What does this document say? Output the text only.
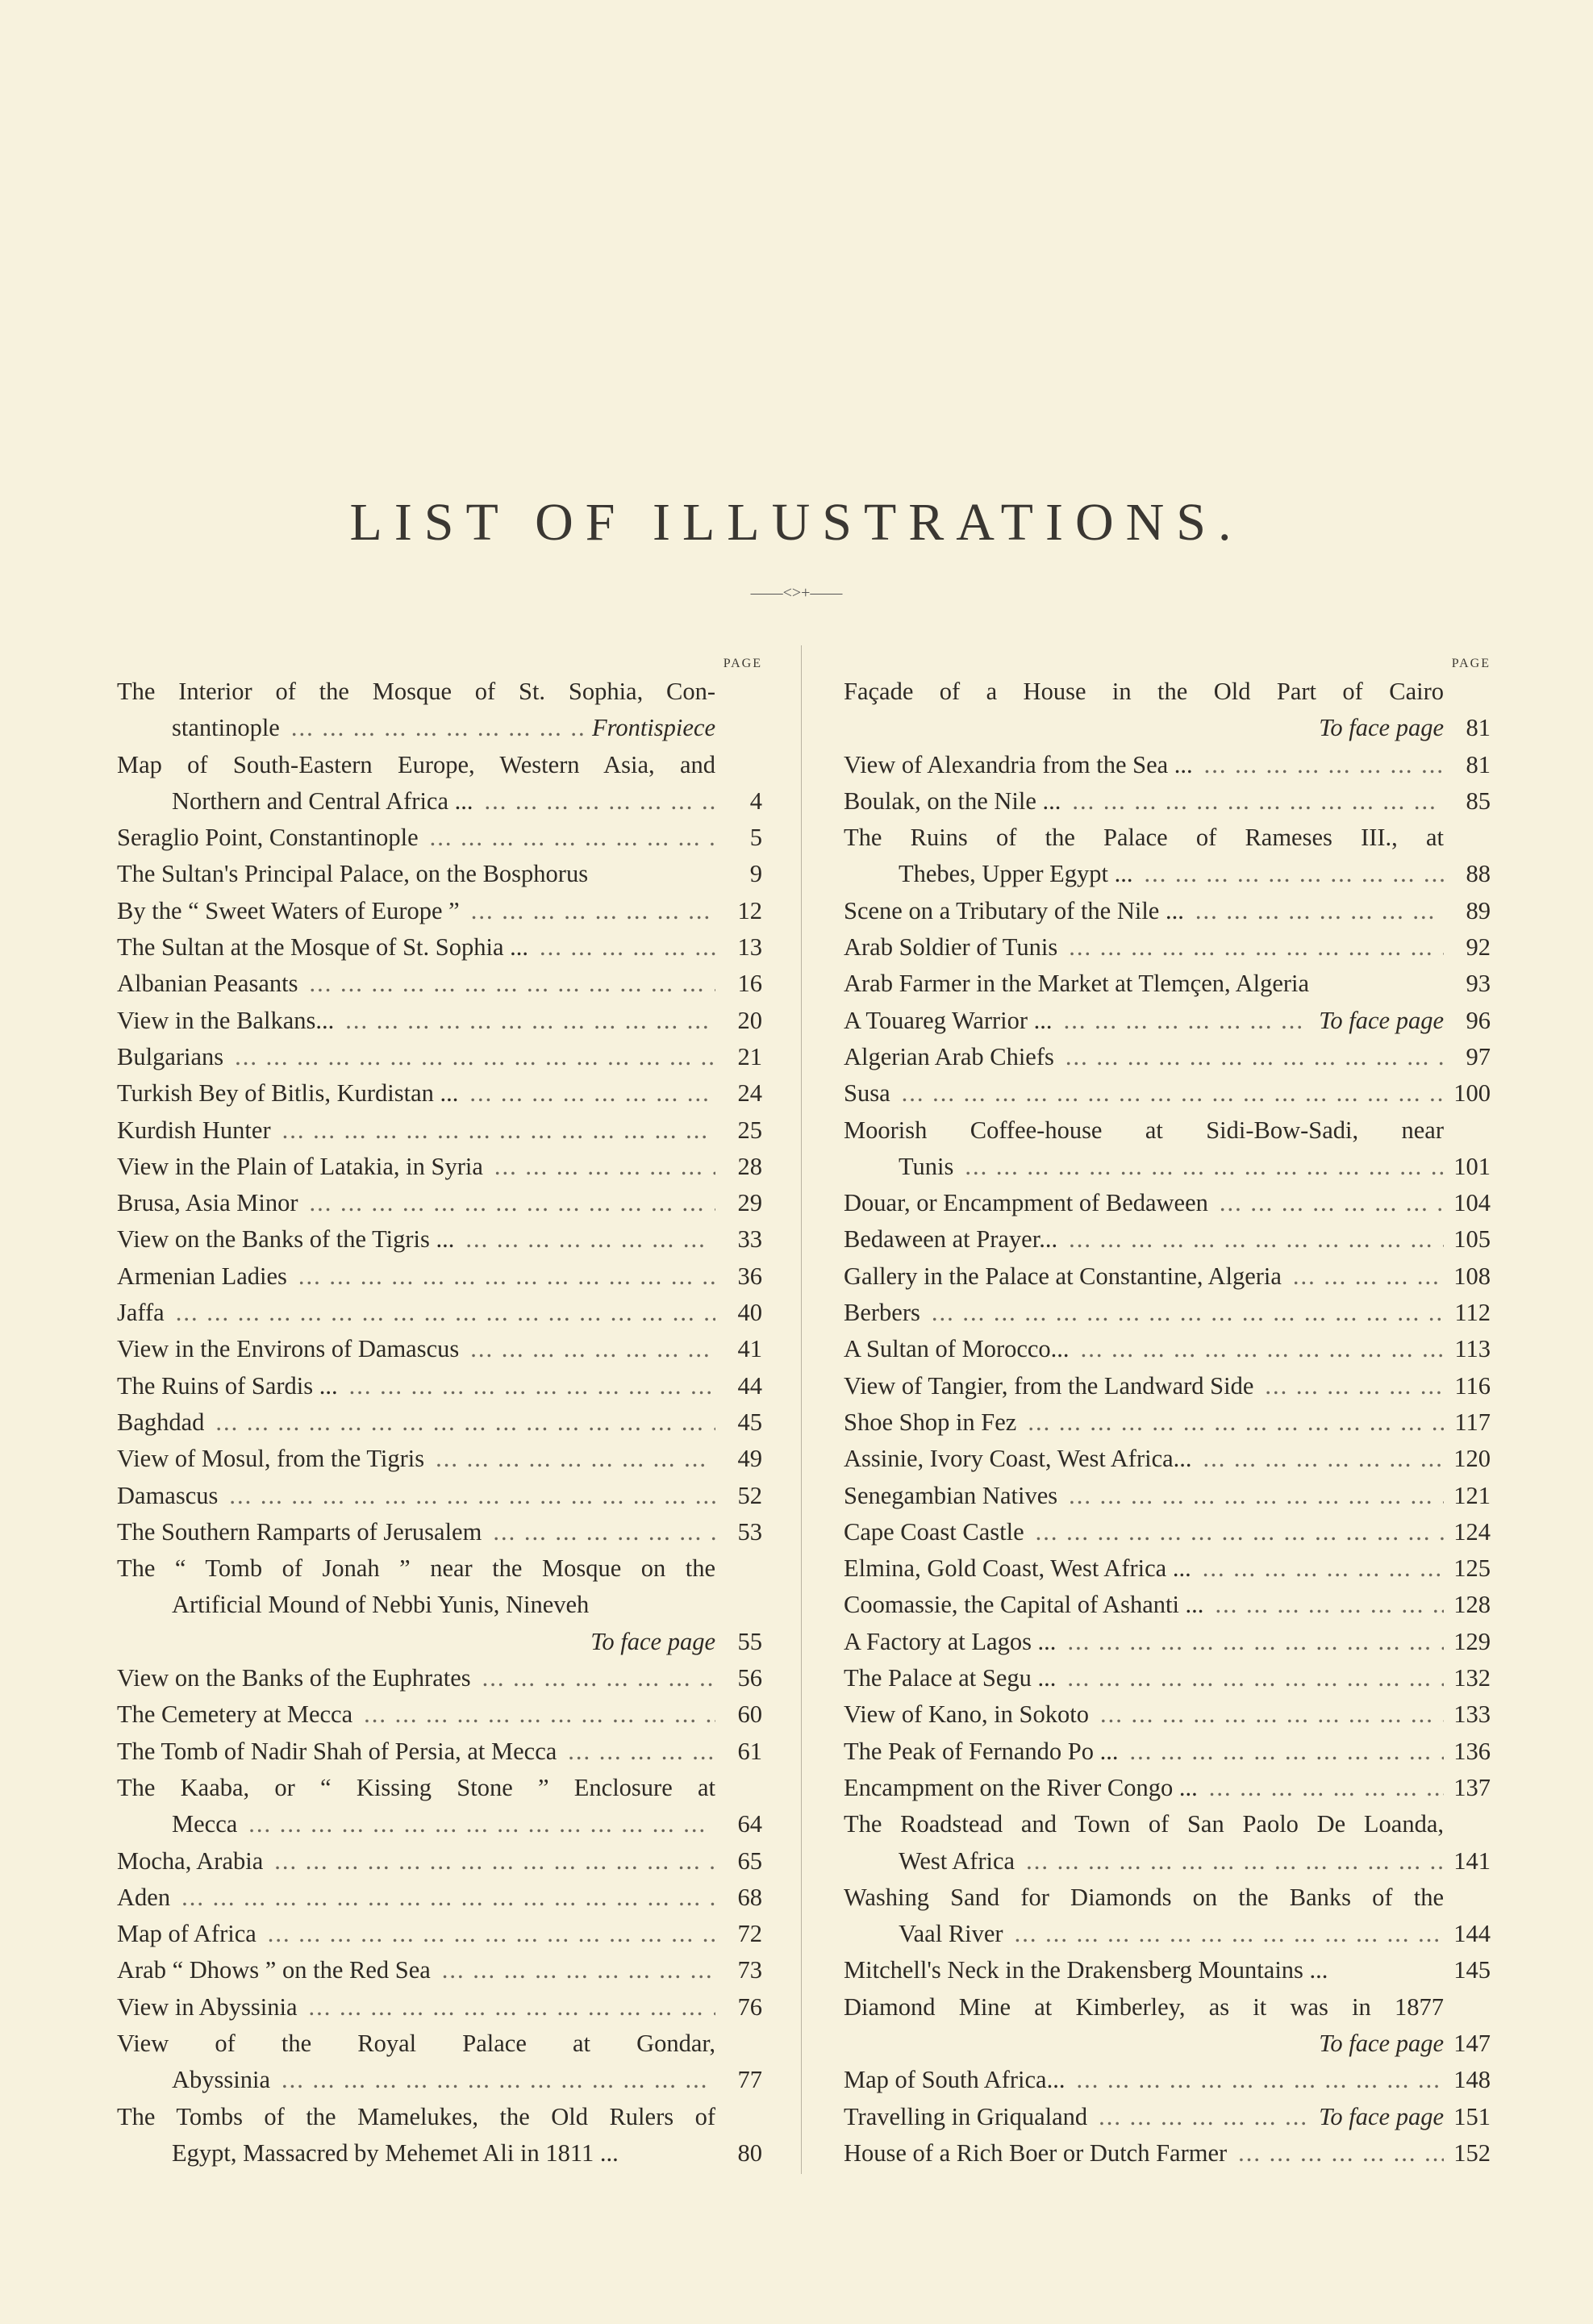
LIST OF ILLUSTRATIONS.
——<>+——
PAGE
The Interior of the Mosque of St. Sophia, Con-
stantinople ... .	Frontispiece
Map of South-Eastern Europe, Western Asia, and
Northern and Central Africa ... ... .	4
Seraglio Point, Constantinople ... .	5
The Sultan's Principal Palace, on the Bosphorus	9
By the “ Sweet Waters of Europe ” ... .	12
The Sultan at the Mosque of St. Sophia ... ... .	13
Albanian Peasants ... .	16
View in the Balkans... ... .	20
Bulgarians ... .	21
Turkish Bey of Bitlis, Kurdistan ... ... .	24
Kurdish Hunter ... .	25
View in the Plain of Latakia, in Syria ... .	28
Brusa, Asia Minor ... .	29
View on the Banks of the Tigris ... ... .	33
Armenian Ladies ... .	36
Jaffa ... .	40
View in the Environs of Damascus ... .	41
The Ruins of Sardis ... ... .	44
Baghdad ... .	45
View of Mosul, from the Tigris ... .	49
Damascus ... .	52
The Southern Ramparts of Jerusalem ... .	53
The “ Tomb of Jonah ” near the Mosque on the
Artificial Mound of Nebbi Yunis, Nineveh
To face page 55
View on the Banks of the Euphrates ... .	56
The Cemetery at Mecca ... .	60
The Tomb of Nadir Shah of Persia, at Mecca ... .	61
The Kaaba, or “ Kissing Stone ” Enclosure at
Mecca ... .	64
Mocha, Arabia ... .	65
Aden ... .	68
Map of Africa ... .	72
Arab “ Dhows ” on the Red Sea ... .	73
View in Abyssinia ... .	76
View of the Royal Palace at Gondar,
Abyssinia ... .	77
The Tombs of the Mamelukes, the Old Rulers of
Egypt, Massacred by Mehemet Ali in 1811 ...	80
PAGE
Façade of a House in the Old Part of Cairo
To face page 81
View of Alexandria from the Sea ... ... .	81
Boulak, on the Nile ... ... .	85
The Ruins of the Palace of Rameses III., at
Thebes, Upper Egypt ... ... .	88
Scene on a Tributary of the Nile ... ... .	89
Arab Soldier of Tunis ... .	92
Arab Farmer in the Market at Tlemçen, Algeria	93
A Touareg Warrior ... ... .	To face page 96
Algerian Arab Chiefs ... .	97
Susa ... .	100
Moorish Coffee-house at Sidi-Bow-Sadi, near
Tunis ... .	101
Douar, or Encampment of Bedaween ... .	104
Bedaween at Prayer... ... .	105
Gallery in the Palace at Constantine, Algeria ... .	108
Berbers ... .	112
A Sultan of Morocco... ... .	113
View of Tangier, from the Landward Side ... .	116
Shoe Shop in Fez ... .	117
Assinie, Ivory Coast, West Africa... ... .	120
Senegambian Natives ... .	121
Cape Coast Castle ... .	124
Elmina, Gold Coast, West Africa ... ... .	125
Coomassie, the Capital of Ashanti ... ... .	128
A Factory at Lagos ... ... .	129
The Palace at Segu ... ... .	132
View of Kano, in Sokoto ... .	133
The Peak of Fernando Po ... ... .	136
Encampment on the River Congo ... ... .	137
The Roadstead and Town of San Paolo De Loanda,
West Africa ... .	141
Washing Sand for Diamonds on the Banks of the
Vaal River ... .	144
Mitchell's Neck in the Drakensberg Mountains ...	145
Diamond Mine at Kimberley, as it was in 1877
To face page 147
Map of South Africa... ... .	148
Travelling in Griqualand ... .	To face page 151
House of a Rich Boer or Dutch Farmer ... .	152
